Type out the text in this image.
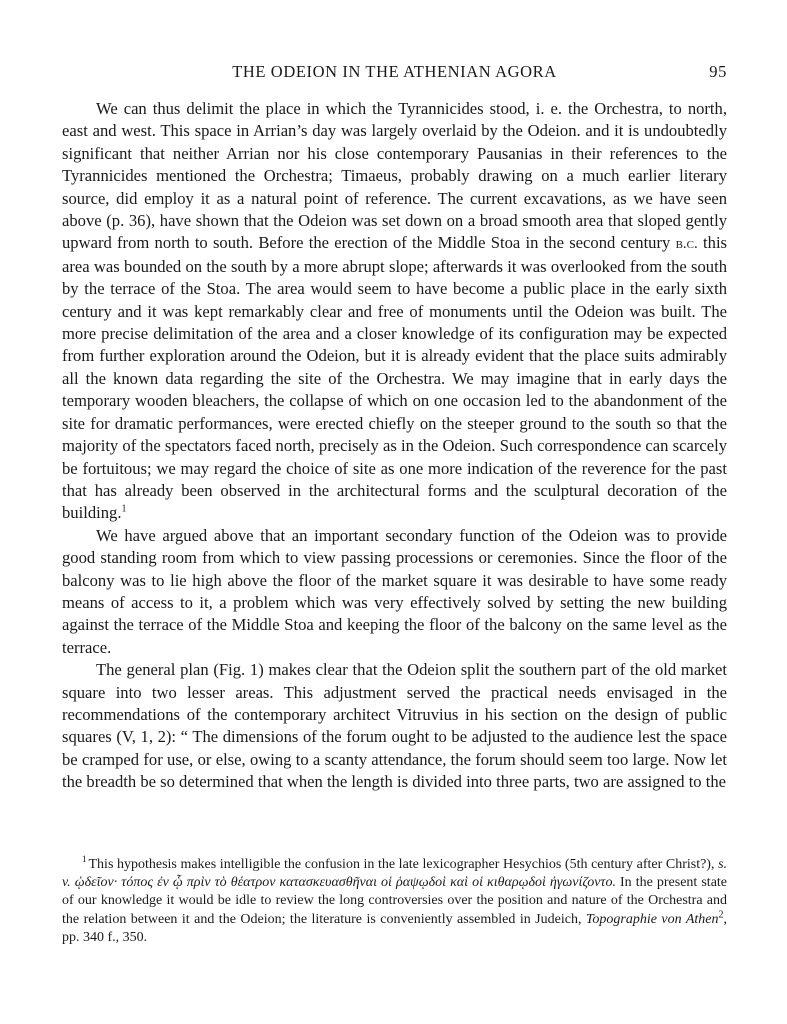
THE ODEION IN THE ATHENIAN AGORA	95

We can thus delimit the place in which the Tyrannicides stood, i. e. the Orchestra, to north, east and west. This space in Arrian’s day was largely overlaid by the Odeion. and it is undoubtedly significant that neither Arrian nor his close contemporary Pausanias in their references to the Tyrannicides mentioned the Orchestra; Timaeus, probably drawing on a much earlier literary source, did employ it as a natural point of reference. The current excavations, as we have seen above (p. 36), have shown that the Odeion was set down on a broad smooth area that sloped gently upward from north to south. Before the erection of the Middle Stoa in the second century b.c. this area was bounded on the south by a more abrupt slope; afterwards it was overlooked from the south by the terrace of the Stoa. The area would seem to have become a public place in the early sixth century and it was kept remarkably clear and free of monuments until the Odeion was built. The more precise delimitation of the area and a closer knowledge of its configuration may be expected from further exploration around the Odeion, but it is already evident that the place suits admirably all the known data regarding the site of the Orchestra. We may imagine that in early days the temporary wooden bleachers, the collapse of which on one occasion led to the abandonment of the site for dramatic performances, were erected chiefly on the steeper ground to the south so that the majority of the spectators faced north, precisely as in the Odeion. Such correspondence can scarcely be fortuitous; we may regard the choice of site as one more indication of the reverence for the past that has already been observed in the architectural forms and the sculptural decoration of the building.$^1$

We have argued above that an important secondary function of the Odeion was to provide good standing room from which to view passing processions or ceremonies. Since the floor of the balcony was to lie high above the floor of the market square it was desirable to have some ready means of access to it, a problem which was very effectively solved by setting the new building against the terrace of the Middle Stoa and keeping the floor of the balcony on the same level as the terrace.

The general plan (Fig. 1) makes clear that the Odeion split the southern part of the old market square into two lesser areas. This adjustment served the practical needs envisaged in the recommendations of the contemporary architect Vitruvius in his section on the design of public squares (V, 1, 2): “ The dimensions of the forum ought to be adjusted to the audience lest the space be cramped for use, or else, owing to a scanty attendance, the forum should seem too large. Now let the breadth be so determined that when the length is divided into three parts, two are assigned to the

$^1$ This hypothesis makes intelligible the confusion in the late lexicographer Hesychios (5th century after Christ?), s. v. ᾠδεῖον· τόπος ἐν ᾧ πρὶν τὸ θέατρον κατασκευασθῆναι οἱ ῥαψῳδοὶ καὶ οἱ κιθαρῳδοὶ ἠγωνίζοντο. In the present state of our knowledge it would be idle to review the long controversies over the position and nature of the Orchestra and the relation between it and the Odeion; the literature is conveniently assembled in Judeich, Topographie von Athen$^2$, pp. 340 f., 350.
